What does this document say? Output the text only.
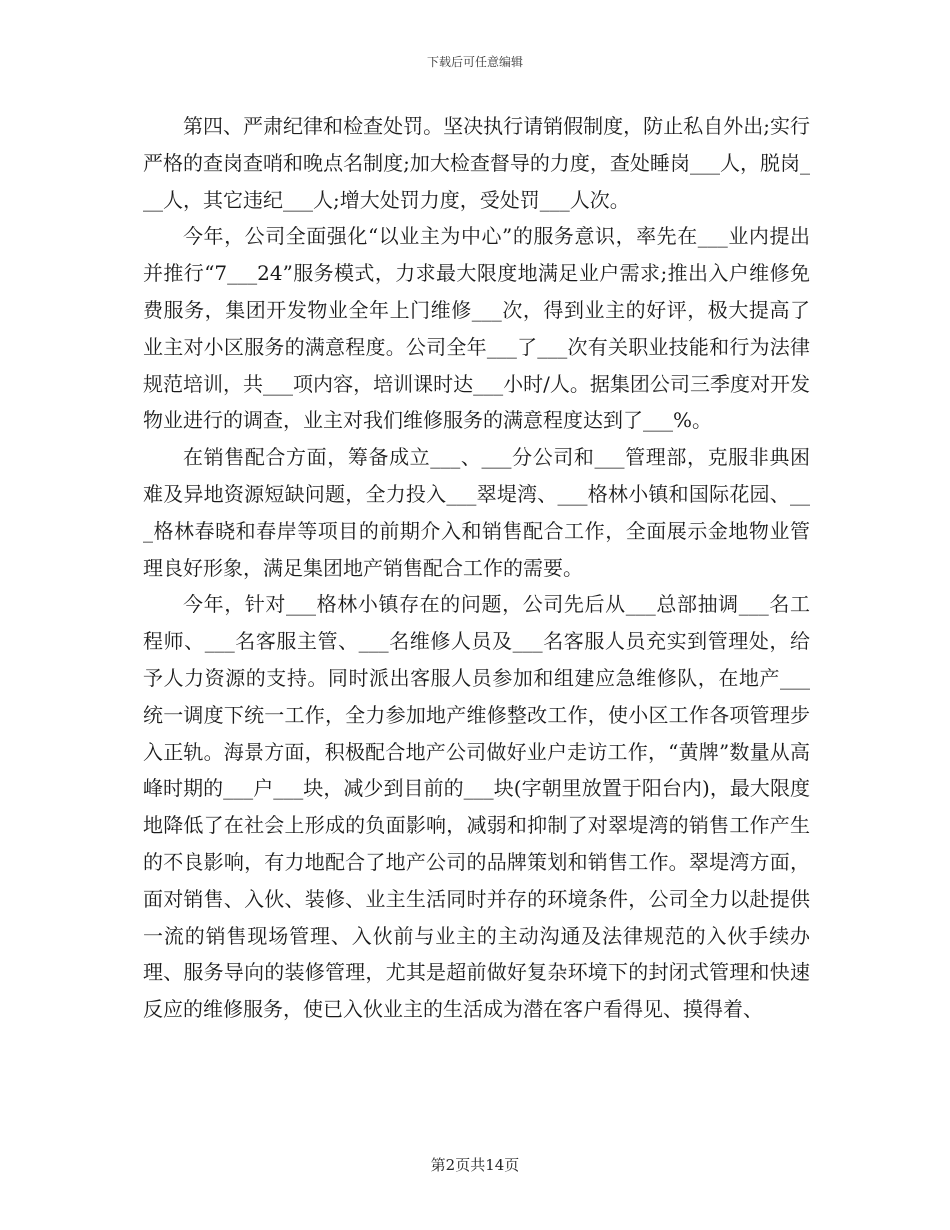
下载后可任意编辑

第四、严肃纪律和检查处罚。坚决执行请销假制度，防止私自外出;实行严格的查岗查哨和晚点名制度;加大检查督导的力度，查处睡岗___人，脱岗___人，其它违纪___人;增大处罚力度，受处罚___人次。

今年，公司全面强化“以业主为中心”的服务意识，率先在___业内提出并推行“7___24”服务模式，力求最大限度地满足业户需求;推出入户维修免费服务，集团开发物业全年上门维修___次，得到业主的好评，极大提高了业主对小区服务的满意程度。公司全年___了___次有关职业技能和行为法律规范培训，共___项内容，培训课时达___小时/人。据集团公司三季度对开发物业进行的调查，业主对我们维修服务的满意程度达到了___%。

在销售配合方面，筹备成立___、___分公司和___管理部，克服非典困难及异地资源短缺问题，全力投入___翠堤湾、___格林小镇和国际花园、___格林春晓和春岸等项目的前期介入和销售配合工作，全面展示金地物业管理良好形象，满足集团地产销售配合工作的需要。

今年，针对___格林小镇存在的问题，公司先后从___总部抽调___名工程师、___名客服主管、___名维修人员及___名客服人员充实到管理处，给予人力资源的支持。同时派出客服人员参加和组建应急维修队，在地产___统一调度下统一工作，全力参加地产维修整改工作，使小区工作各项管理步入正轨。海景方面，积极配合地产公司做好业户走访工作，“黄牌”数量从高峰时期的___户___块，减少到目前的___块(字朝里放置于阳台内)，最大限度地降低了在社会上形成的负面影响，减弱和抑制了对翠堤湾的销售工作产生的不良影响，有力地配合了地产公司的品牌策划和销售工作。翠堤湾方面，面对销售、入伙、装修、业主生活同时并存的环境条件，公司全力以赴提供一流的销售现场管理、入伙前与业主的主动沟通及法律规范的入伙手续办理、服务导向的装修管理，尤其是超前做好复杂环境下的封闭式管理和快速反应的维修服务，使已入伙业主的生活成为潜在客户看得见、摸得着、

第2页共14页
